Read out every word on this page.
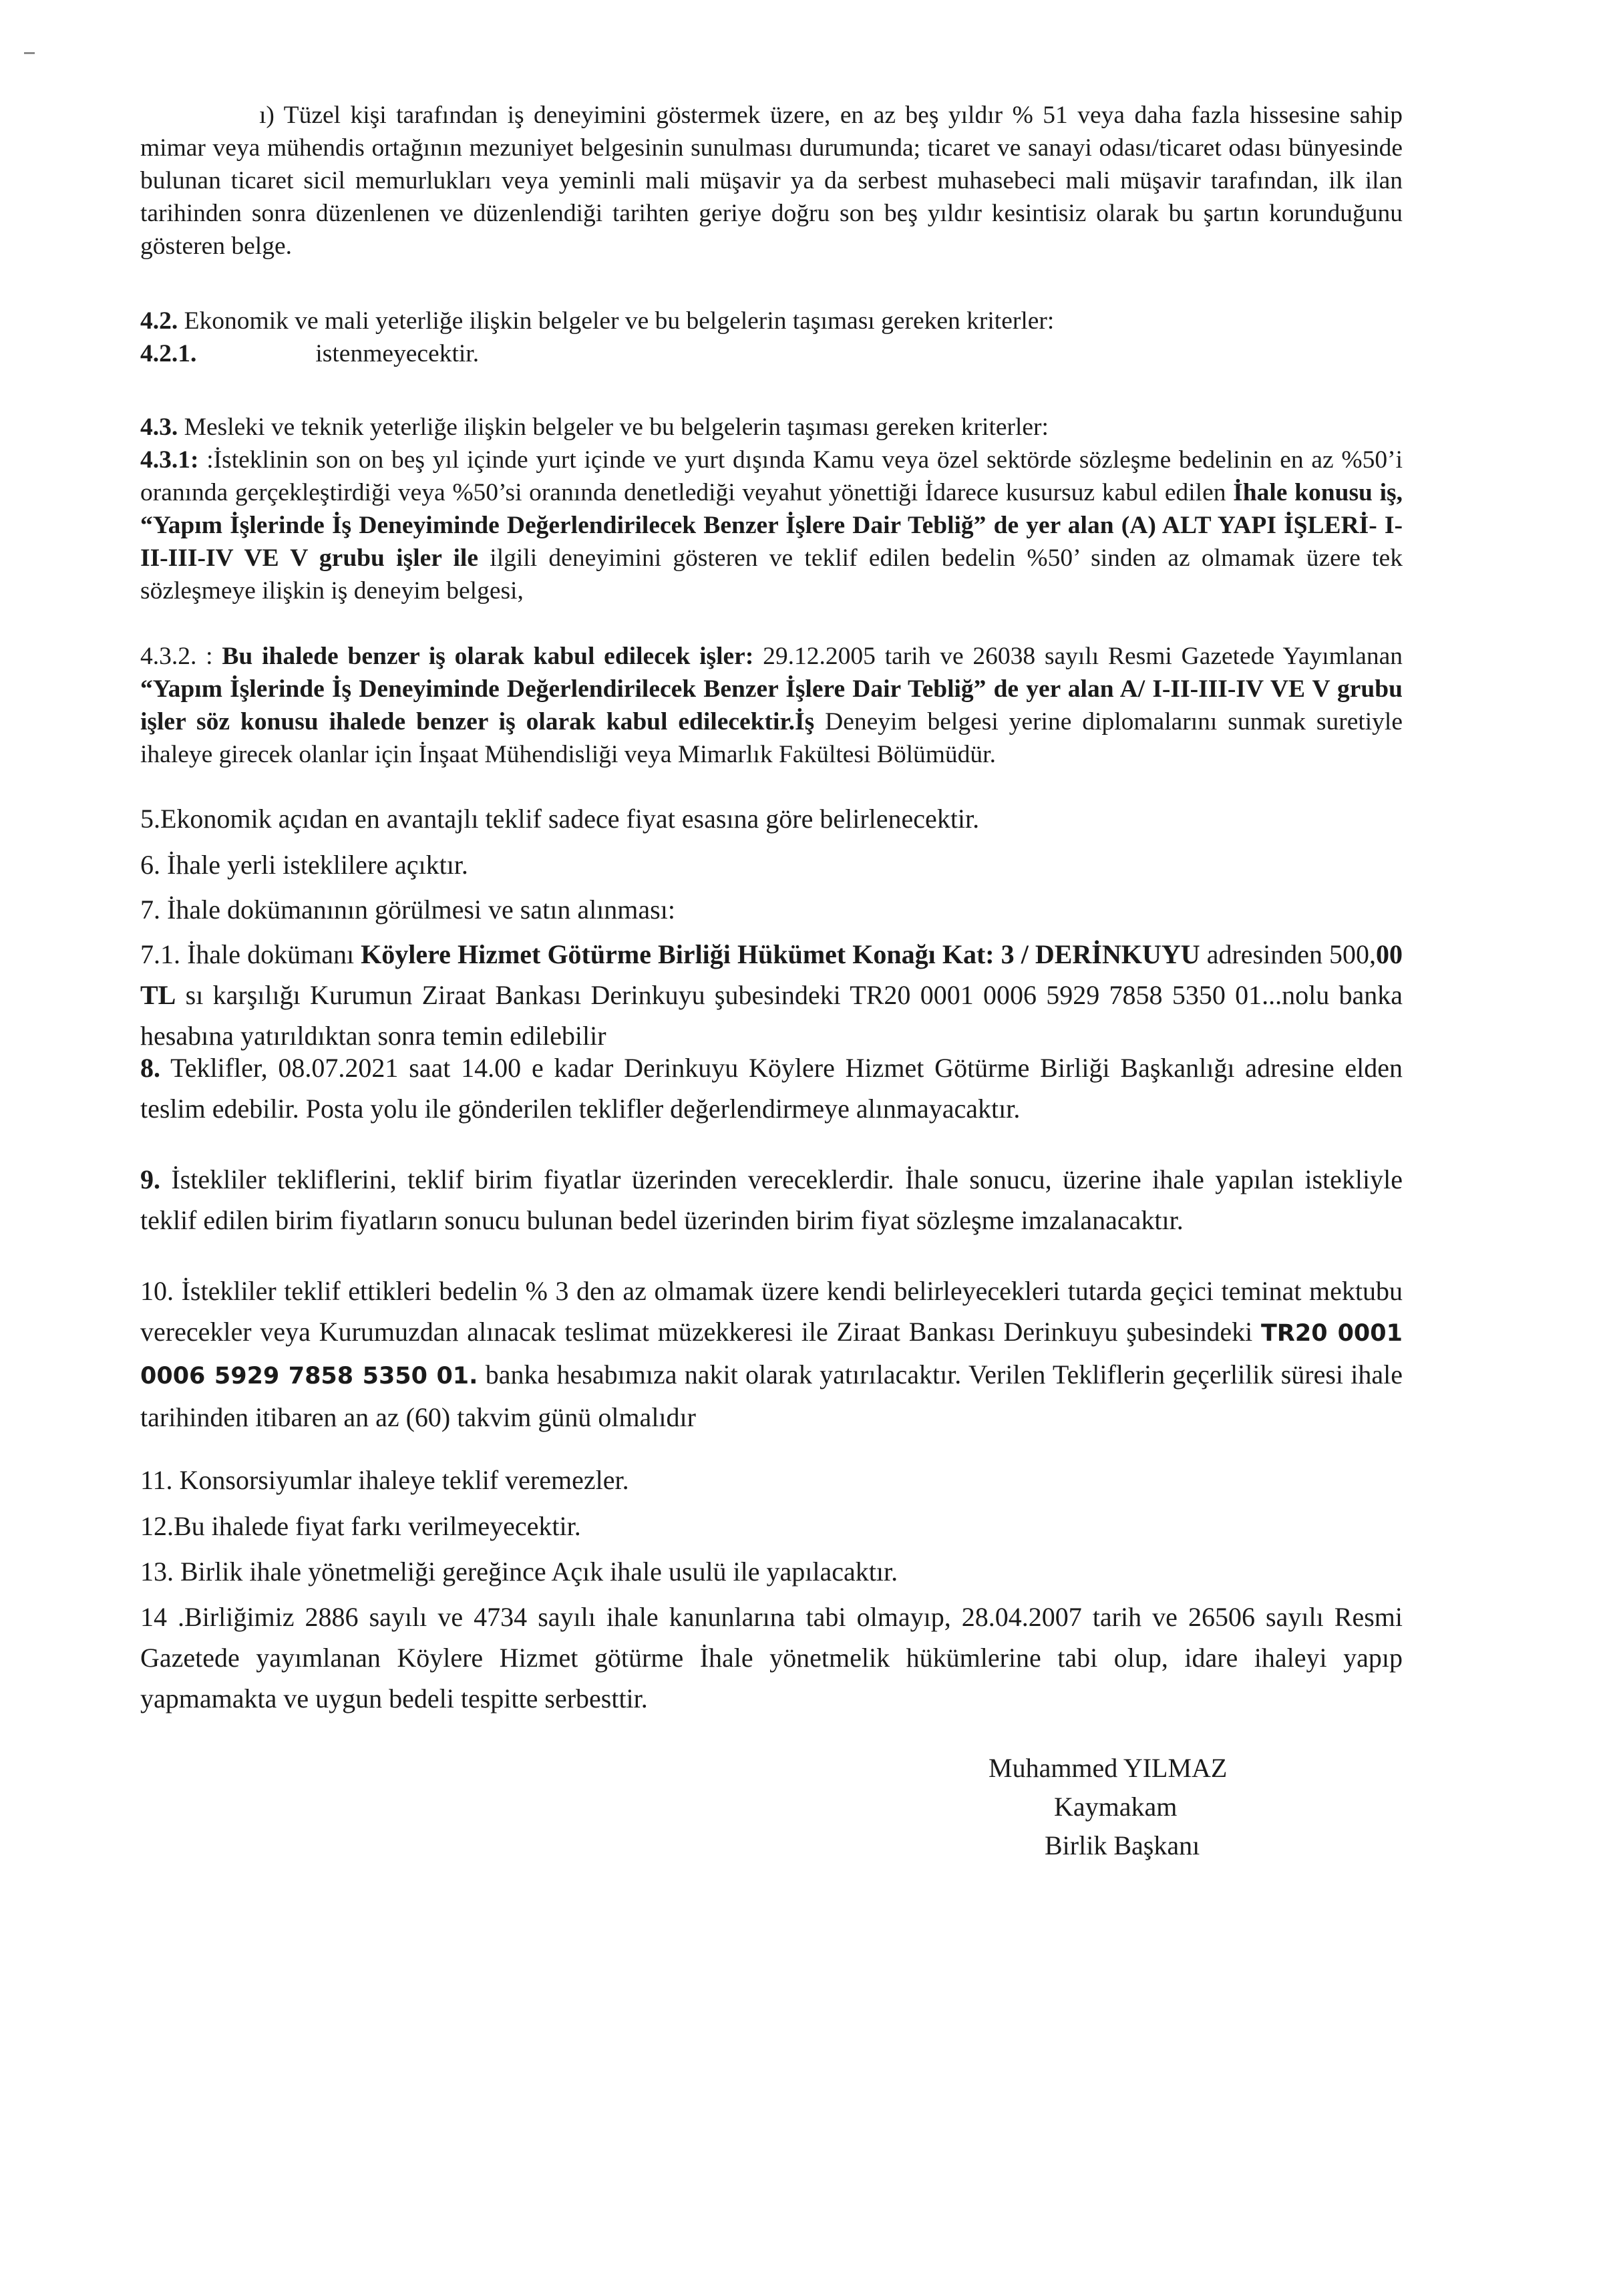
ı) Tüzel kişi tarafından iş deneyimini göstermek üzere, en az beş yıldır % 51 veya daha fazla hissesine sahip mimar veya mühendis ortağının mezuniyet belgesinin sunulması durumunda; ticaret ve sanayi odası/ticaret odası bünyesinde bulunan ticaret sicil memurlukları veya yeminli mali müşavir ya da serbest muhasebeci mali müşavir tarafından, ilk ilan tarihinden sonra düzenlenen ve düzenlendiği tarihten geriye doğru son beş yıldır kesintisiz olarak bu şartın korunduğunu gösteren belge.
4.2. Ekonomik ve mali yeterliğe ilişkin belgeler ve bu belgelerin taşıması gereken kriterler:
4.2.1.	istenmeyecektir.
4.3. Mesleki ve teknik yeterliğe ilişkin belgeler ve bu belgelerin taşıması gereken kriterler:
4.3.1: :İsteklinin son on beş yıl içinde yurt içinde ve yurt dışında Kamu veya özel sektörde sözleşme bedelinin en az %50’i oranında gerçekleştirdiği veya %50’si oranında denetlediği veyahut yönettiği İdarece kusursuz kabul edilen İhale konusu iş, “Yapım İşlerinde İş Deneyiminde Değerlendirilecek Benzer İşlere Dair Tebliğ” de yer alan (A) ALT YAPI İŞLERİ- I-II-III-IV VE V grubu işler ile ilgili deneyimini gösteren ve teklif edilen bedelin %50’ sinden az olmamak üzere tek sözleşmeye ilişkin iş deneyim belgesi,
4.3.2. : Bu ihalede benzer iş olarak kabul edilecek işler: 29.12.2005 tarih ve 26038 sayılı Resmi Gazetede Yayımlanan “Yapım İşlerinde İş Deneyiminde Değerlendirilecek Benzer İşlere Dair Tebliğ” de yer alan A/ I-II-III-IV VE V grubu işler söz konusu ihalede benzer iş olarak kabul edilecektir.İş Deneyim belgesi yerine diplomalarını sunmak suretiyle ihaleye girecek olanlar için İnşaat Mühendisliği veya Mimarlık Fakültesi Bölümüdür.
5.Ekonomik açıdan en avantajlı teklif sadece fiyat esasına göre belirlenecektir.
6. İhale yerli isteklilere açıktır.
7. İhale dokümanının görülmesi ve satın alınması:
7.1. İhale dokümanı Köylere Hizmet Götürme Birliği Hükümet Konağı Kat: 3 / DERİNKUYU adresinden 500,00 TL sı karşılığı Kurumun Ziraat Bankası Derinkuyu şubesindeki TR20 0001 0006 5929 7858 5350 01...nolu banka hesabına yatırıldıktan sonra temin edilebilir
8. Teklifler, 08.07.2021 saat 14.00 e kadar Derinkuyu Köylere Hizmet Götürme Birliği Başkanlığı adresine elden teslim edebilir. Posta yolu ile gönderilen teklifler değerlendirmeye alınmayacaktır.
9. İstekliler tekliflerini, teklif birim fiyatlar üzerinden vereceklerdir. İhale sonucu, üzerine ihale yapılan istekliyle teklif edilen birim fiyatların sonucu bulunan bedel üzerinden birim fiyat sözleşme imzalanacaktır.
10. İstekliler teklif ettikleri bedelin % 3 den az olmamak üzere kendi belirleyecekleri tutarda geçici teminat mektubu verecekler veya Kurumuzdan alınacak teslimat müzekkeresi ile Ziraat Bankası Derinkuyu şubesindeki TR20 0001 0006 5929 7858 5350 01. banka hesabımıza nakit olarak yatırılacaktır. Verilen Tekliflerin geçerlilik süresi ihale tarihinden itibaren an az (60) takvim günü olmalıdır
11. Konsorsiyumlar ihaleye teklif veremezler.
12.Bu ihalede fiyat farkı verilmeyecektir.
13. Birlik ihale yönetmeliği gereğince Açık ihale usulü ile yapılacaktır.
14 .Birliğimiz 2886 sayılı ve 4734 sayılı ihale kanunlarına tabi olmayıp, 28.04.2007 tarih ve 26506 sayılı Resmi Gazetede yayımlanan Köylere Hizmet götürme İhale yönetmelik hükümlerine tabi olup, idare ihaleyi yapıp yapmamakta ve uygun bedeli tespitte serbesttir.
Muhammed YILMAZ
Kaymakam
Birlik Başkanı
